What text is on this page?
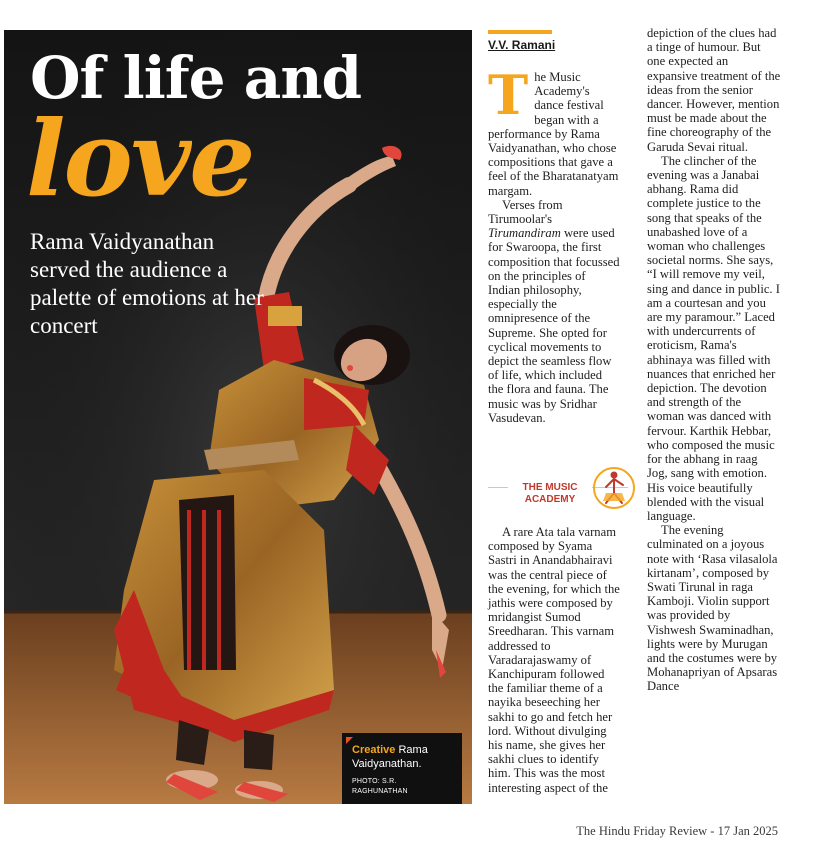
Of life and
love

Rama Vaidyanathan served the audience a palette of emotions at her concert

Creative Rama
Vaidyanathan.
PHOTO: S.R. RAGHUNATHAN

V.V. Ramani

The Music Academy's dance festival began with a performance by Rama Vaidyanathan, who chose compositions that gave a feel of the Bharatanatyam margam.

Verses from Tirumoolar's Tirumandiram were used for Swaroopa, the first composition that focussed on the principles of Indian philosophy, especially the omnipresence of the Supreme. She opted for cyclical movements to depict the seamless flow of life, which included the flora and fauna. The music was by Sridhar Vasudevan.

THE MUSIC
ACADEMY

A rare Ata tala varnam composed by Syama Sastri in Anandabhairavi was the central piece of the evening, for which the jathis were composed by mridangist Sumod Sreedharan. This varnam addressed to Varadarajaswamy of Kanchipuram followed the familiar theme of a nayika beseeching her sakhi to go and fetch her lord. Without divulging his name, she gives her sakhi clues to identify him. This was the most interesting aspect of the

depiction of the clues had a tinge of humour. But one expected an expansive treatment of the ideas from the senior dancer. However, mention must be made about the fine choreography of the Garuda Sevai ritual.

The clincher of the evening was a Janabai abhang. Rama did complete justice to the song that speaks of the unabashed love of a woman who challenges societal norms. She says, “I will remove my veil, sing and dance in public. I am a courtesan and you are my paramour.” Laced with undercurrents of eroticism, Rama's abhinaya was filled with nuances that enriched her depiction. The devotion and strength of the woman was danced with fervour. Karthik Hebbar, who composed the music for the abhang in raag Jog, sang with emotion. His voice beautifully blended with the visual language.

The evening culminated on a joyous note with ‘Rasa vilasalola kirtanam’, composed by Swati Tirunal in raga Kamboji. Violin support was provided by Vishwesh Swaminadhan, lights were by Murugan and the costumes were by Mohanapriyan of Apsaras Dance

The Hindu Friday Review - 17 Jan 2025
